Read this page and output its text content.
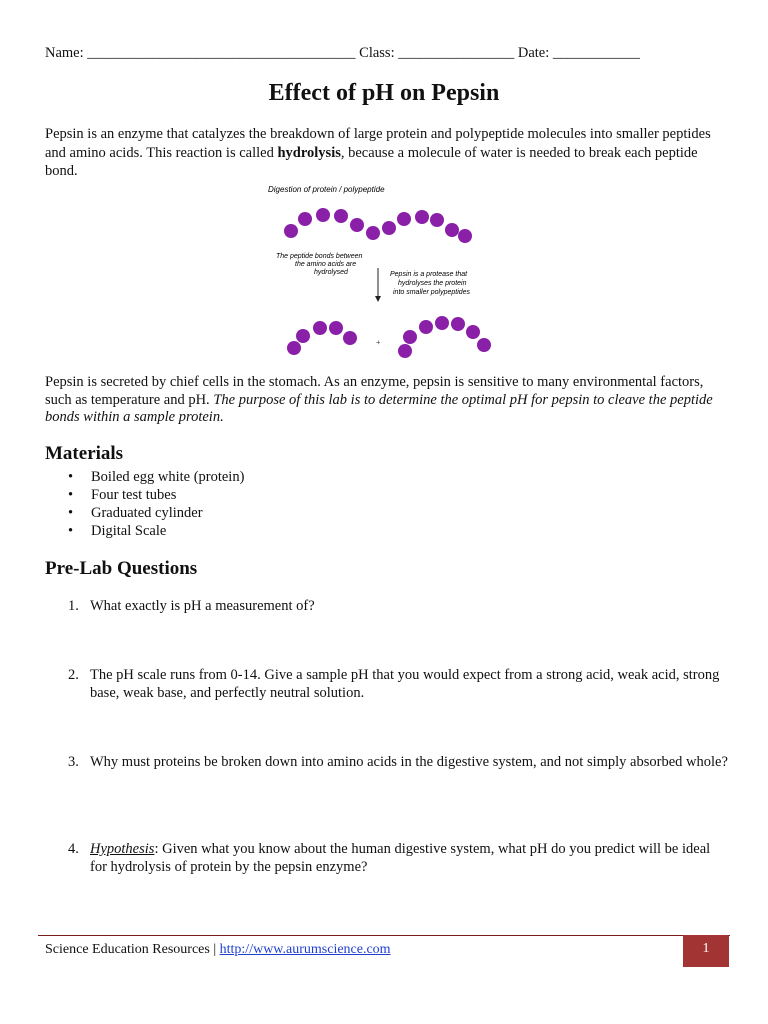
Name: _____________________________________ Class: ________________ Date: ____________
Effect of pH on Pepsin
Pepsin is an enzyme that catalyzes the breakdown of large protein and polypeptide molecules into smaller peptides and amino acids. This reaction is called hydrolysis, because a molecule of water is needed to break each peptide bond.
Digestion of protein / polypeptide
The peptide bonds between
the amino acids are
hydrolysed	Pepsin is a protease that
hydrolyses the protein
into smaller polypeptides
+
Pepsin is secreted by chief cells in the stomach. As an enzyme, pepsin is sensitive to many environmental factors, such as temperature and pH. The purpose of this lab is to determine the optimal pH for pepsin to cleave the peptide bonds within a sample protein.
Materials
• Boiled egg white (protein)
• Four test tubes
• Graduated cylinder
• Digital Scale
Pre-Lab Questions
1. What exactly is pH a measurement of?
2. The pH scale runs from 0-14. Give a sample pH that you would expect from a strong acid, weak acid, strong base, weak base, and perfectly neutral solution.
3. Why must proteins be broken down into amino acids in the digestive system, and not simply absorbed whole?
4. Hypothesis: Given what you know about the human digestive system, what pH do you predict will be ideal for hydrolysis of protein by the pepsin enzyme?
Science Education Resources | http://www.aurumscience.com	1
